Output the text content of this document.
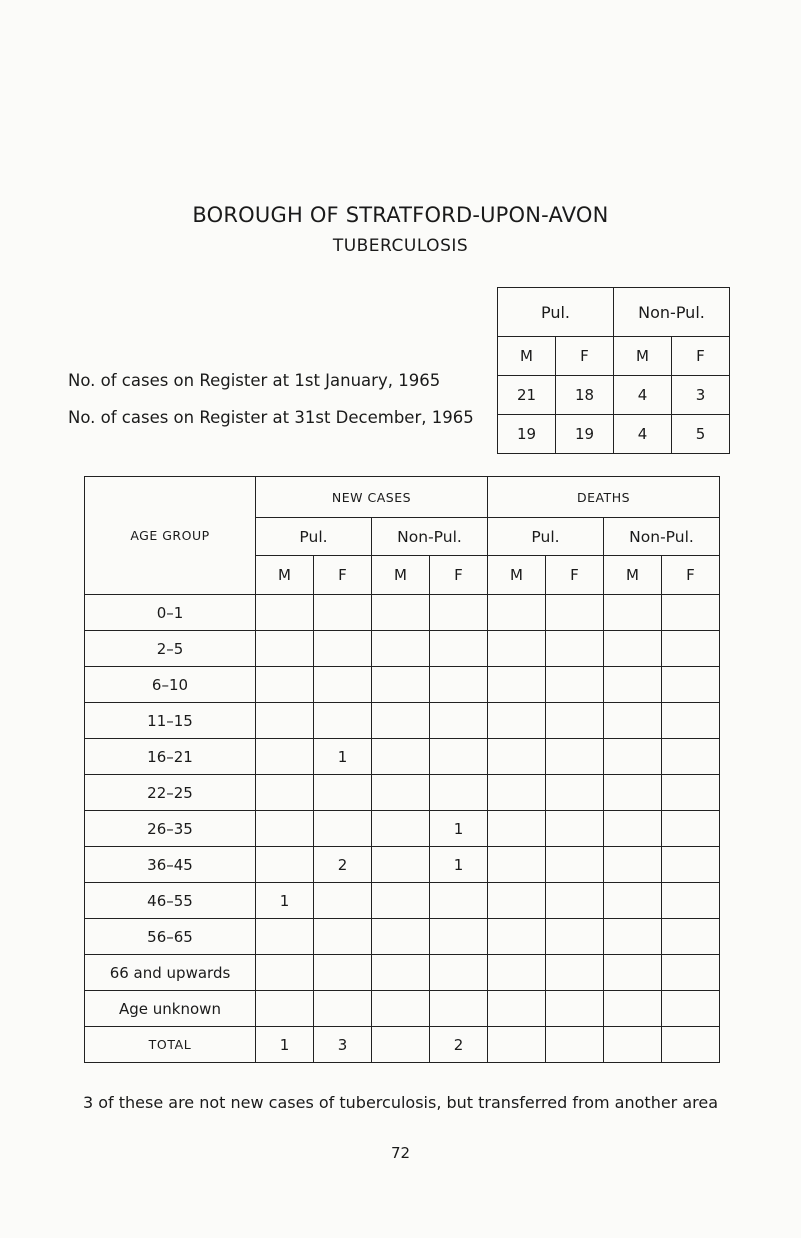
BOROUGH OF STRATFORD-UPON-AVON
TUBERCULOSIS
No. of cases on Register at 1st January, 1965
No. of cases on Register at 31st December, 1965
Pul.		Non-Pul.	
M	F	M	F
21	18	4	3
19	19	4	5
AGE GROUP	NEW CASES				DEATHS			
	Pul.		Non-Pul.		Pul.		Non-Pul.	
	M	F	M	F	M	F	M	F
0–1								
2–5								
6–10								
11–15								
16–21		1						
22–25								
26–35				1				
36–45		2		1				
46–55	1							
56–65								
66 and upwards								
Age unknown								
TOTAL	1	3		2				
3 of these are not new cases of tuberculosis, but transferred from another area
72
